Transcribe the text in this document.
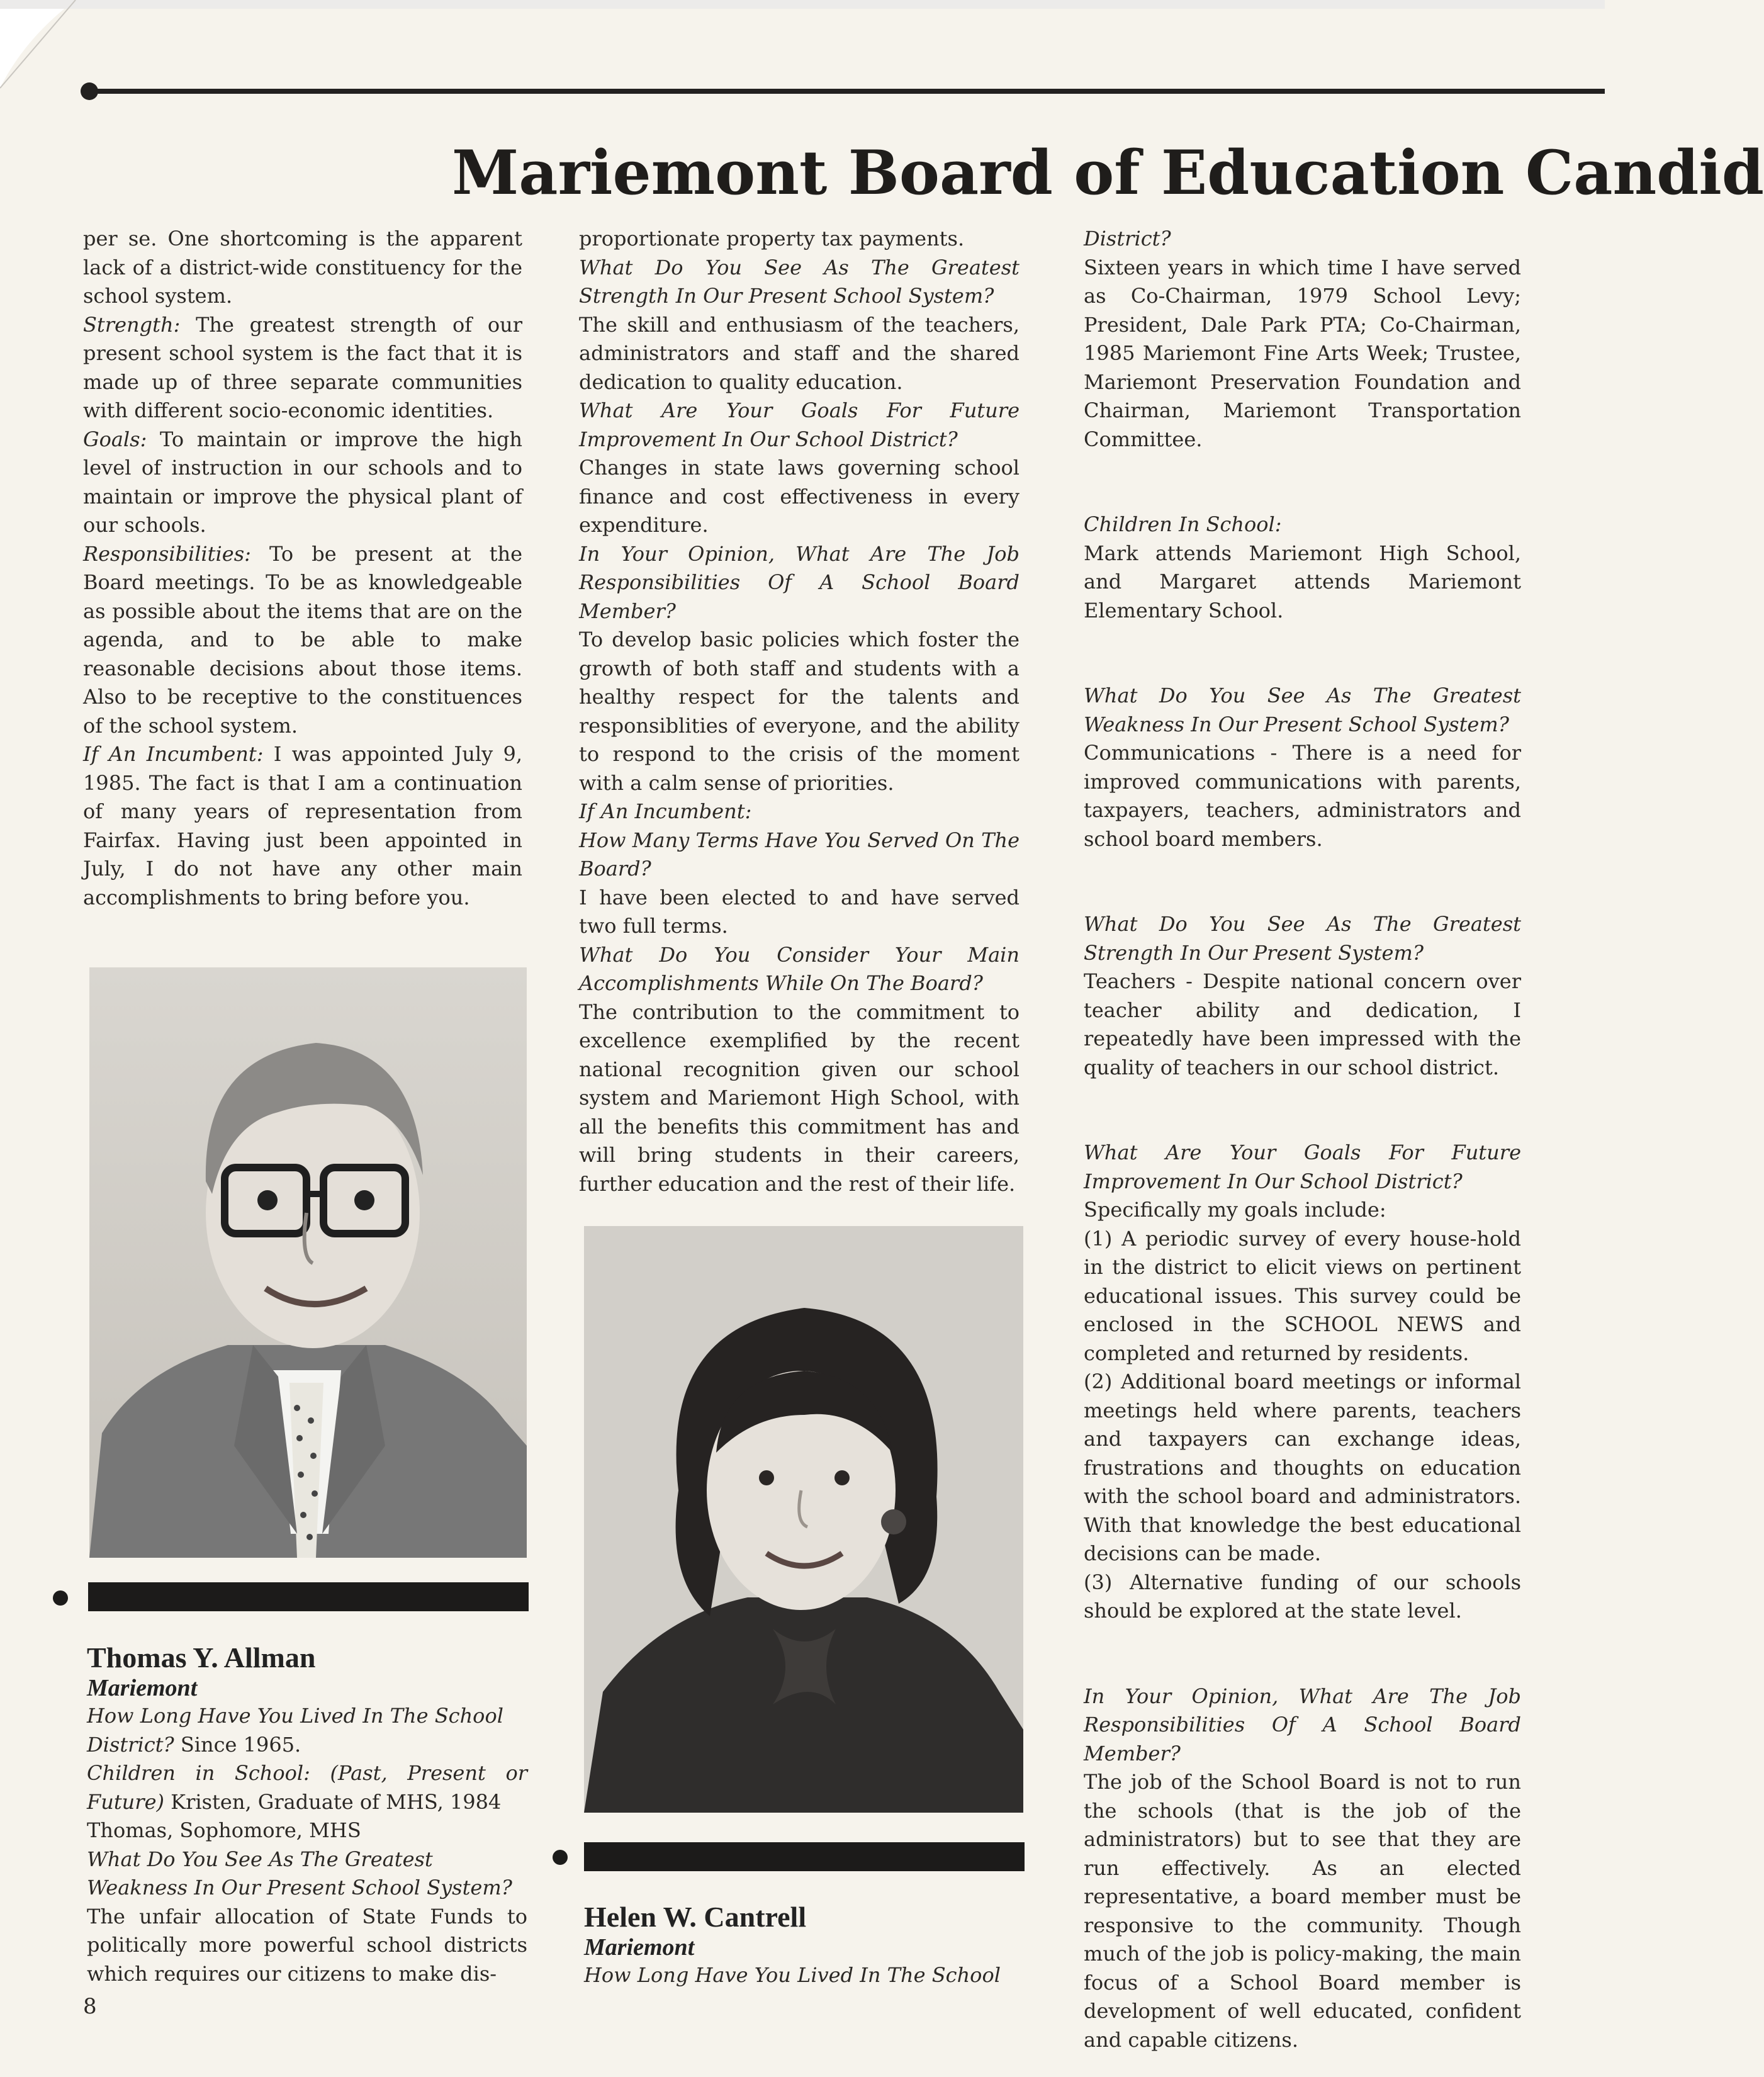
Mariemont Board of Education Candid

per se. One shortcoming is the apparent lack of a district-wide constituency for the school system.

Strength: The greatest strength of our present school system is the fact that it is made up of three separate communities with different socio-economic identities.

Goals: To maintain or improve the high level of instruction in our schools and to maintain or improve the physical plant of our schools.

Responsibilities: To be present at the Board meetings. To be as knowledgeable as possible about the items that are on the agenda, and to be able to make reasonable decisions about those items. Also to be receptive to the constituences of the school system.

If An Incumbent: I was appointed July 9, 1985. The fact is that I am a continuation of many years of representation from Fairfax. Having just been appointed in July, I do not have any other main accomplishments to bring before you.

Thomas Y. Allman

Mariemont

How Long Have You Lived In The School District? Since 1965.

Children in School: (Past, Present or Future) Kristen, Graduate of MHS, 1984

Thomas, Sophomore, MHS

What Do You See As The Greatest Weakness In Our Present School System?

The unfair allocation of State Funds to politically more powerful school districts which requires our citizens to make dis-

8

proportionate property tax payments.

What Do You See As The Greatest Strength In Our Present School System?

The skill and enthusiasm of the teachers, administrators and staff and the shared dedication to quality education.

What Are Your Goals For Future Improvement In Our School District?

Changes in state laws governing school finance and cost effectiveness in every expenditure.

In Your Opinion, What Are The Job Responsibilities Of A School Board Member?

To develop basic policies which foster the growth of both staff and students with a healthy respect for the talents and responsiblities of everyone, and the ability to respond to the crisis of the moment with a calm sense of priorities.

If An Incumbent:

How Many Terms Have You Served On The Board?

I have been elected to and have served two full terms.

What Do You Consider Your Main Accomplishments While On The Board?

The contribution to the commitment to excellence exemplified by the recent national recognition given our school system and Mariemont High School, with all the benefits this commitment has and will bring students in their careers, further education and the rest of their life.

Helen W. Cantrell

Mariemont

How Long Have You Lived In The School

District?

Sixteen years in which time I have served as Co-Chairman, 1979 School Levy; President, Dale Park PTA; Co-Chairman, 1985 Mariemont Fine Arts Week; Trustee, Mariemont Preservation Foundation and Chairman, Mariemont Transportation Committee.

Children In School:

Mark attends Mariemont High School, and Margaret attends Mariemont Elementary School.

What Do You See As The Greatest Weakness In Our Present School System?

Communications - There is a need for improved communications with parents, taxpayers, teachers, administrators and school board members.

What Do You See As The Greatest Strength In Our Present System?

Teachers - Despite national concern over teacher ability and dedication, I repeatedly have been impressed with the quality of teachers in our school district.

What Are Your Goals For Future Improvement In Our School District?

Specifically my goals include:

(1) A periodic survey of every house-hold in the district to elicit views on pertinent educational issues. This survey could be enclosed in the SCHOOL NEWS and completed and returned by residents.

(2) Additional board meetings or informal meetings held where parents, teachers and taxpayers can exchange ideas, frustrations and thoughts on education with the school board and administrators. With that knowledge the best educational decisions can be made.

(3) Alternative funding of our schools should be explored at the state level.

In Your Opinion, What Are The Job Responsibilities Of A School Board Member?

The job of the School Board is not to run the schools (that is the job of the administrators) but to see that they are run effectively. As an elected representative, a board member must be responsive to the community. Though much of the job is policy-making, the main focus of a School Board member is development of well educated, confident and capable citizens.
